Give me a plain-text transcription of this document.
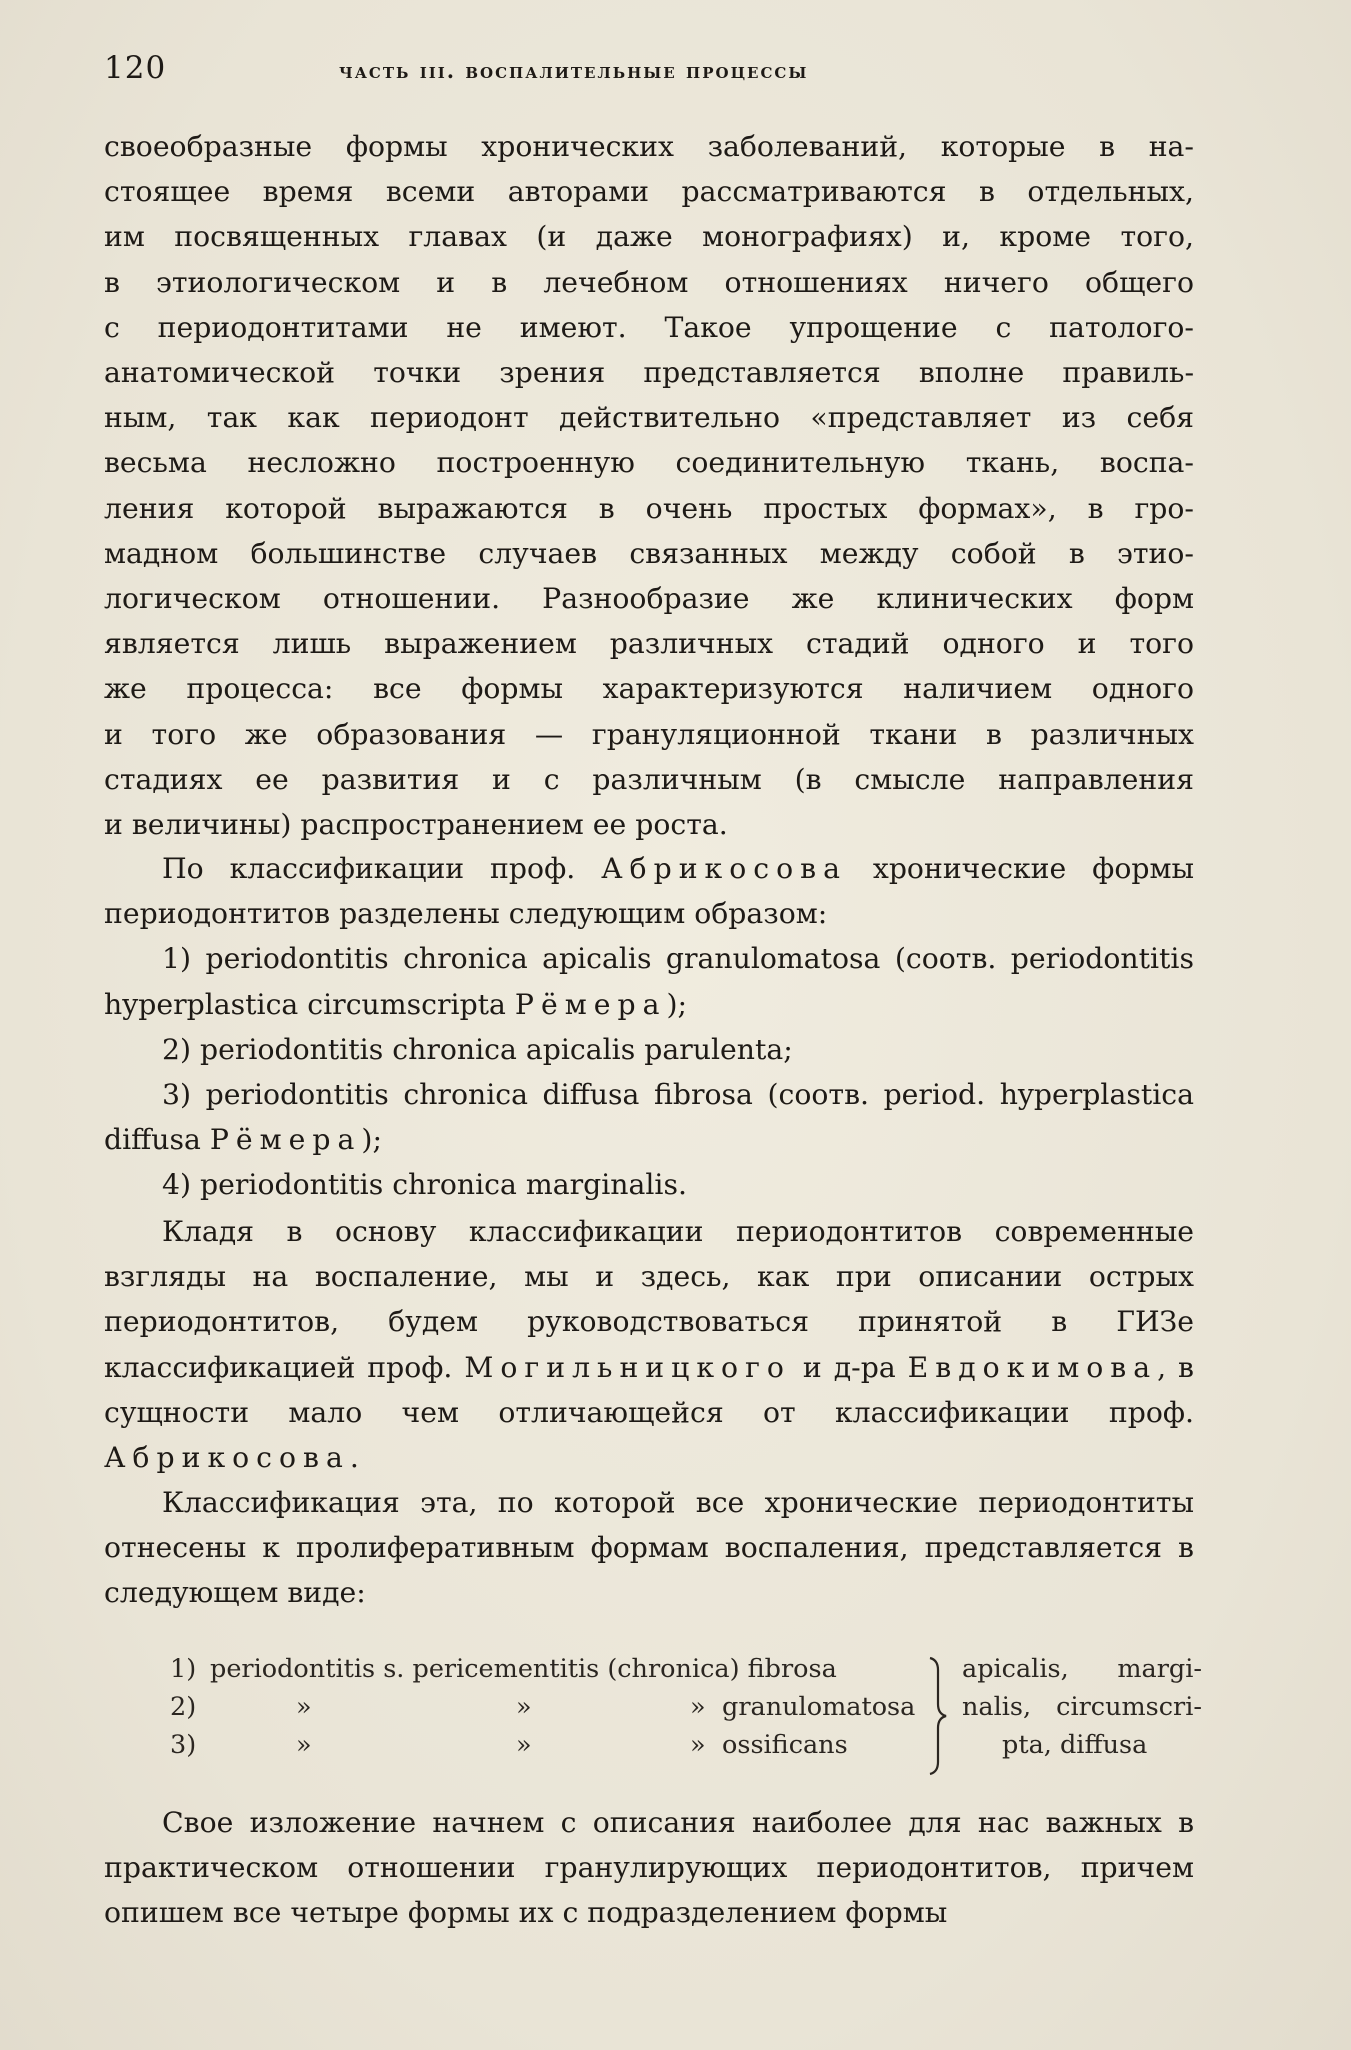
120	часть iii. воспалительные процессы

своеобразные формы хронических заболеваний, которые в на-
стоящее время всеми авторами рассматриваются в отдельных,
им посвященных главах (и даже монографиях) и, кроме того,
в этиологическом и в лечебном отношениях ничего общего
с периодонтитами не имеют. Такое упрощение с патолого-
анатомической точки зрения представляется вполне правиль-
ным, так как периодонт действительно «представляет из себя
весьма несложно построенную соединительную ткань, воспа-
ления которой выражаются в очень простых формах», в гро-
мадном большинстве случаев связанных между собой в этио-
логическом отношении. Разнообразие же клинических форм
является лишь выражением различных стадий одного и того
же процесса: все формы характеризуются наличием одного
и того же образования — грануляционной ткани в различных
стадиях ее развития и с различным (в смысле направления
и величины) распространением ее роста.

По классификации проф. Абрикосова хронические формы периодонтитов разделены следующим образом:

1) periodontitis chronica apicalis granulomatosa (соотв. periodontitis hyperplastica circumscripta Рёмера);

2) periodontitis chronica apicalis parulenta;

3) periodontitis chronica diffusa fibrosa (соотв. period. hyperplastica diffusa Рёмера);

4) periodontitis chronica marginalis.

Кладя в основу классификации периодонтитов современные взгляды на воспаление, мы и здесь, как при описании острых периодонтитов, будем руководствоваться принятой в ГИЗе классификацией проф. Могильницкого и д-ра Евдокимова, в сущности мало чем отличающейся от классификации проф. Абрикосова.

Классификация эта, по которой все хронические периодонтиты отнесены к пролиферативным формам воспаления, представляется в следующем виде:

1) periodontitis s. pericementitis (chronica) fibrosa
2)	»	»	» granulomatosa
3)	»	»	» ossificans
apicalis, margi-
nalis, circumscri-
pta, diffusa

Свое изложение начнем с описания наиболее для нас важных в практическом отношении гранулирующих периодонтитов, причем опишем все четыре формы их с подразделением формы
